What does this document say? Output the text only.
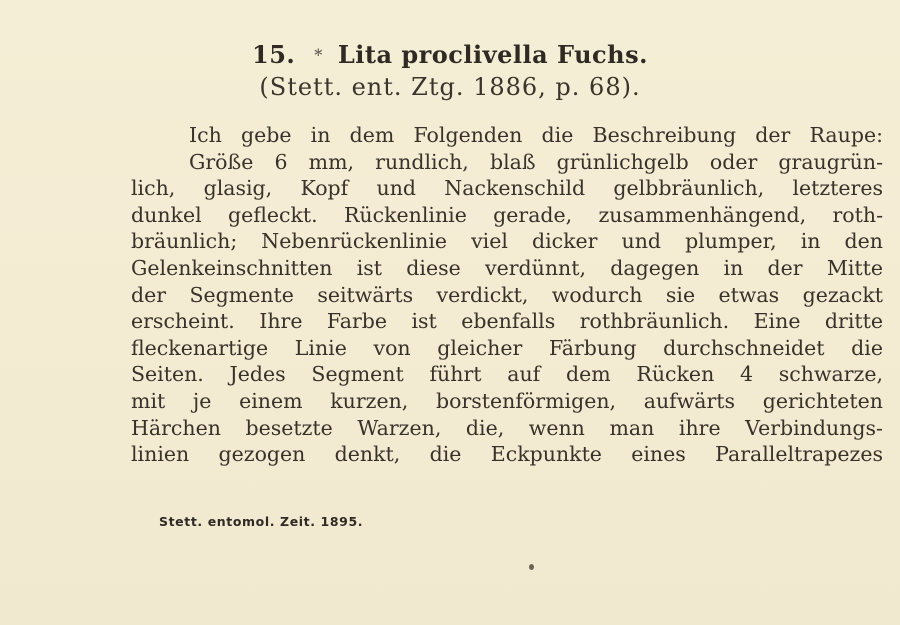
15. * Lita proclivella Fuchs.
(Stett. ent. Ztg. 1886, p. 68).
Ich gebe in dem Folgenden die Beschreibung der Raupe:
Größe 6 mm, rundlich, blaß grünlichgelb oder graugrün-
lich, glasig, Kopf und Nackenschild gelbbräunlich, letzteres
dunkel gefleckt. Rückenlinie gerade, zusammenhängend, roth-
bräunlich; Nebenrückenlinie viel dicker und plumper, in den
Gelenkeinschnitten ist diese verdünnt, dagegen in der Mitte
der Segmente seitwärts verdickt, wodurch sie etwas gezackt
erscheint. Ihre Farbe ist ebenfalls rothbräunlich. Eine dritte
fleckenartige Linie von gleicher Färbung durchschneidet die
Seiten. Jedes Segment führt auf dem Rücken 4 schwarze,
mit je einem kurzen, borstenförmigen, aufwärts gerichteten
Härchen besetzte Warzen, die, wenn man ihre Verbindungs-
linien gezogen denkt, die Eckpunkte eines Paralleltrapezes
Stett. entomol. Zeit. 1895.
